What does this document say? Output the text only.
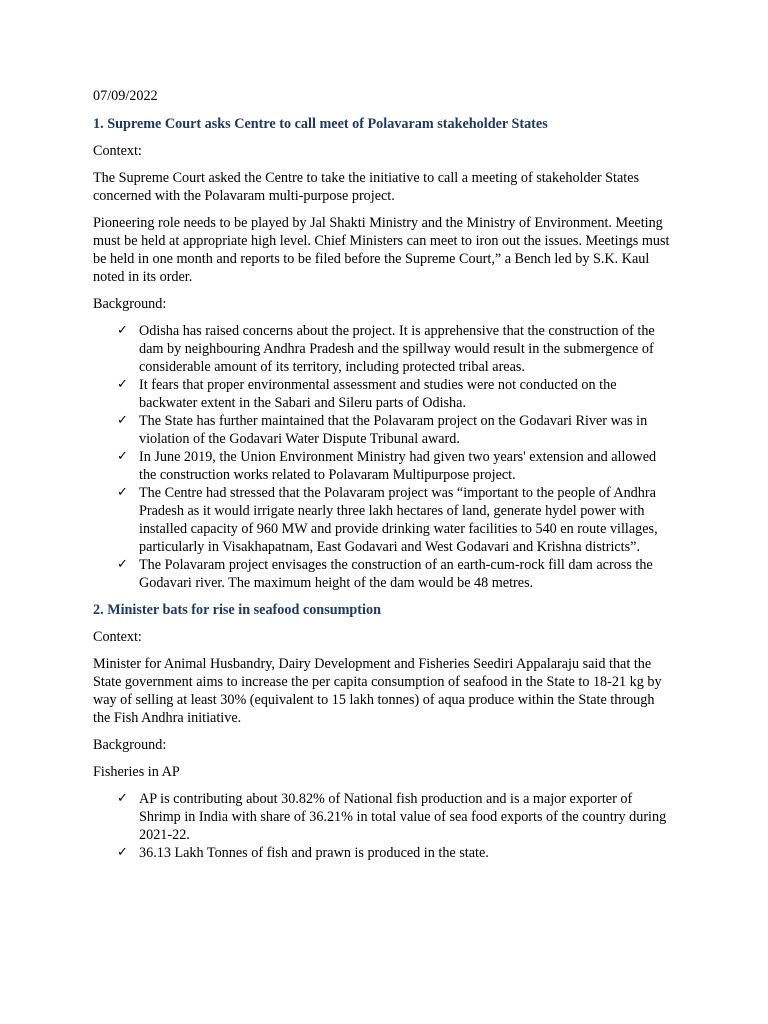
07/09/2022

1. Supreme Court asks Centre to call meet of Polavaram stakeholder States

Context:

The Supreme Court asked the Centre to take the initiative to call a meeting of stakeholder States concerned with the Polavaram multi-purpose project.

Pioneering role needs to be played by Jal Shakti Ministry and the Ministry of Environment. Meeting must be held at appropriate high level. Chief Ministers can meet to iron out the issues. Meetings must be held in one month and reports to be filed before the Supreme Court,” a Bench led by S.K. Kaul noted in its order.

Background:

✓ Odisha has raised concerns about the project. It is apprehensive that the construction of the dam by neighbouring Andhra Pradesh and the spillway would result in the submergence of considerable amount of its territory, including protected tribal areas.
✓ It fears that proper environmental assessment and studies were not conducted on the backwater extent in the Sabari and Sileru parts of Odisha.
✓ The State has further maintained that the Polavaram project on the Godavari River was in violation of the Godavari Water Dispute Tribunal award.
✓ In June 2019, the Union Environment Ministry had given two years' extension and allowed the construction works related to Polavaram Multipurpose project.
✓ The Centre had stressed that the Polavaram project was “important to the people of Andhra Pradesh as it would irrigate nearly three lakh hectares of land, generate hydel power with installed capacity of 960 MW and provide drinking water facilities to 540 en route villages, particularly in Visakhapatnam, East Godavari and West Godavari and Krishna districts”.
✓ The Polavaram project envisages the construction of an earth-cum-rock fill dam across the Godavari river. The maximum height of the dam would be 48 metres.

2. Minister bats for rise in seafood consumption

Context:

Minister for Animal Husbandry, Dairy Development and Fisheries Seediri Appalaraju said that the State government aims to increase the per capita consumption of seafood in the State to 18-21 kg by way of selling at least 30% (equivalent to 15 lakh tonnes) of aqua produce within the State through the Fish Andhra initiative.

Background:

Fisheries in AP

✓ AP is contributing about 30.82% of National fish production and is a major exporter of Shrimp in India with share of 36.21% in total value of sea food exports of the country during 2021-22.
✓ 36.13 Lakh Tonnes of fish and prawn is produced in the state.
